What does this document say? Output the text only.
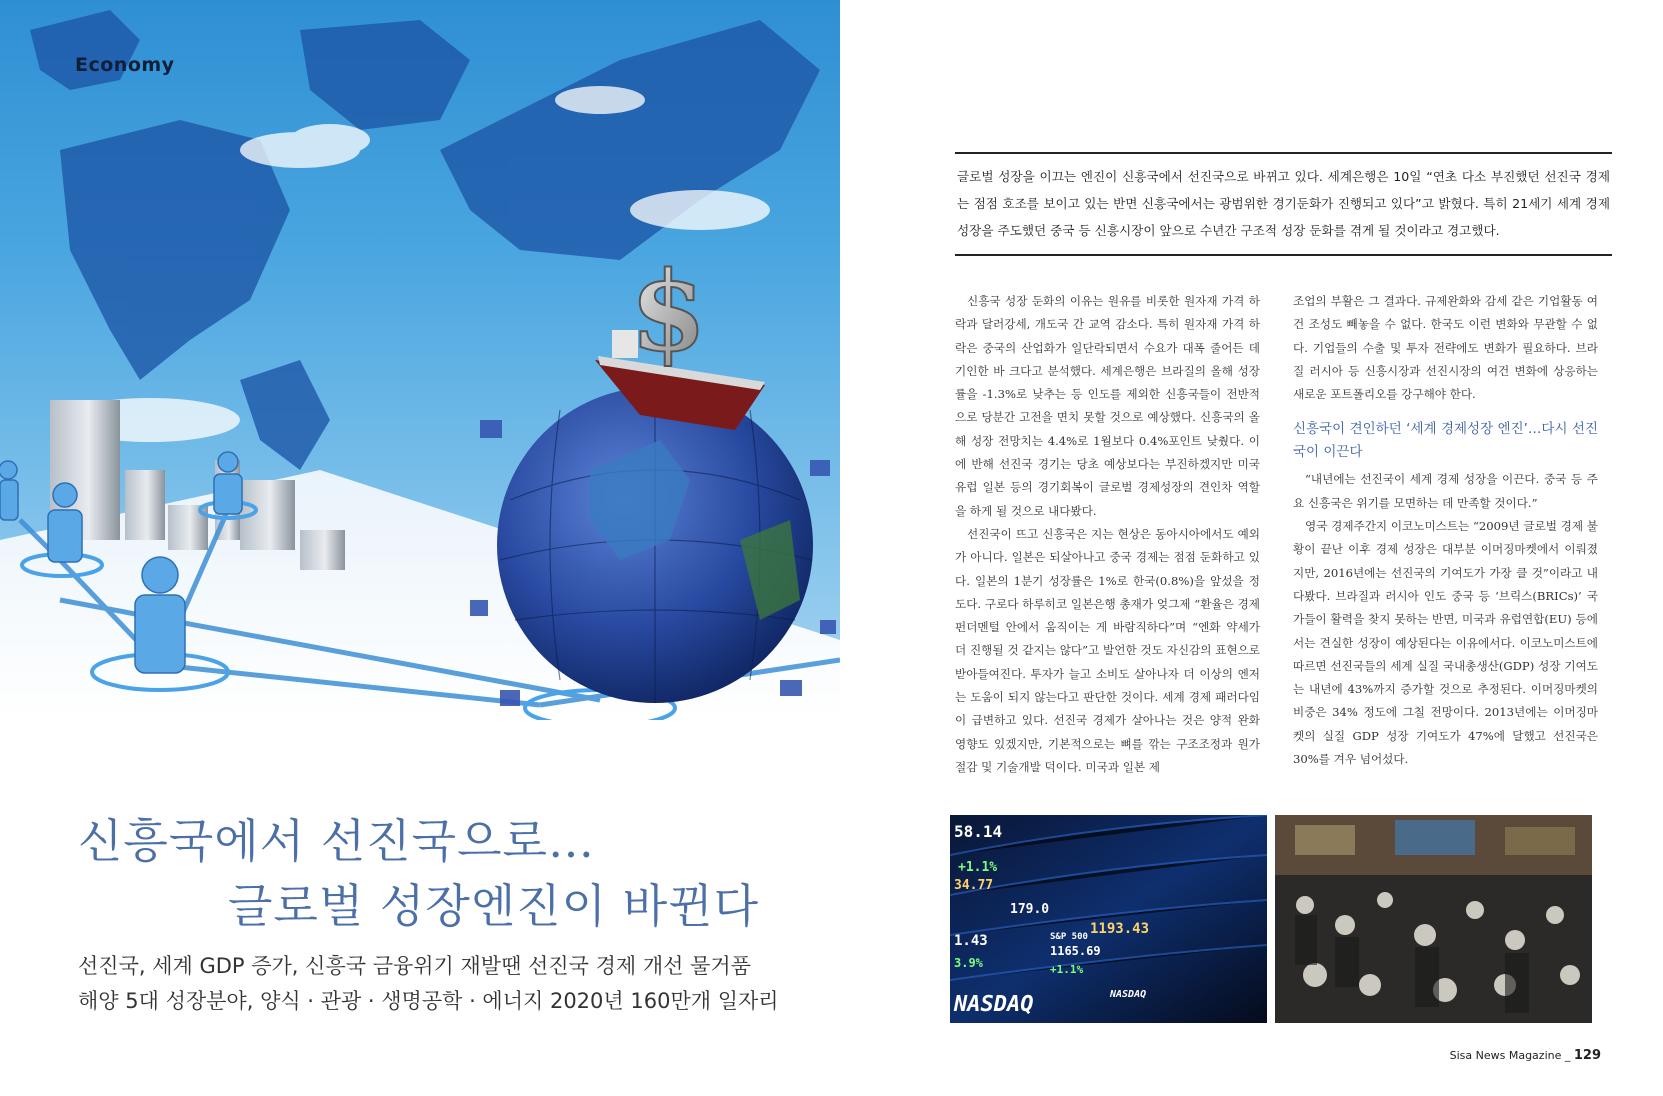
$
Economy
신흥국에서 선진국으로…
글로벌 성장엔진이 바뀐다
선진국, 세계 GDP 증가, 신흥국 금융위기 재발땐 선진국 경제 개선 물거품
해양 5대 성장분야, 양식 · 관광 · 생명공학 · 에너지 2020년 160만개 일자리
글로벌 성장을 이끄는 엔진이 신흥국에서 선진국으로 바뀌고 있다. 세계은행은 10일 “연초 다소 부진했던 선진국 경제는 점점 호조를 보이고 있는 반면 신흥국에서는 광범위한 경기둔화가 진행되고 있다”고 밝혔다. 특히 21세기 세계 경제성장을 주도했던 중국 등 신흥시장이 앞으로 수년간 구조적 성장 둔화를 겪게 될 것이라고 경고했다.

신흥국 성장 둔화의 이유는 원유를 비롯한 원자재 가격 하락과 달러강세, 개도국 간 교역 감소다. 특히 원자재 가격 하락은 중국의 산업화가 일단락되면서 수요가 대폭 줄어든 데 기인한 바 크다고 분석했다. 세계은행은 브라질의 올해 성장률을 -1.3%로 낮추는 등 인도를 제외한 신흥국들이 전반적으로 당분간 고전을 면치 못할 것으로 예상했다. 신흥국의 올해 성장 전망치는 4.4%로 1월보다 0.4%포인트 낮췄다. 이에 반해 선진국 경기는 당초 예상보다는 부진하겠지만 미국 유럽 일본 등의 경기회복이 글로벌 경제성장의 견인차 역할을 하게 될 것으로 내다봤다.

선진국이 뜨고 신흥국은 지는 현상은 동아시아에서도 예외가 아니다. 일본은 되살아나고 중국 경제는 점점 둔화하고 있다. 일본의 1분기 성장률은 1%로 한국(0.8%)을 앞섰을 정도다. 구로다 하루히코 일본은행 총재가 엊그제 “환율은 경제 펀더멘털 안에서 움직이는 게 바람직하다”며 “엔화 약세가 더 진행될 것 같지는 않다”고 발언한 것도 자신감의 표현으로 받아들여진다. 투자가 늘고 소비도 살아나자 더 이상의 엔저는 도움이 되지 않는다고 판단한 것이다. 세계 경제 패러다임이 급변하고 있다. 선진국 경제가 살아나는 것은 양적 완화 영향도 있겠지만, 기본적으로는 뼈를 깎는 구조조정과 원가절감 및 기술개발 덕이다. 미국과 일본 제

조업의 부활은 그 결과다. 규제완화와 감세 같은 기업활동 여건 조성도 빼놓을 수 없다. 한국도 이런 변화와 무관할 수 없다. 기업들의 수출 및 투자 전략에도 변화가 필요하다. 브라질 러시아 등 신흥시장과 선진시장의 여건 변화에 상응하는 새로운 포트폴리오를 강구해야 한다.

신흥국이 견인하던 ‘세계 경제성장 엔진’…다시 선진국이 이끈다

“내년에는 선진국이 세계 경제 성장을 이끈다. 중국 등 주요 신흥국은 위기를 모면하는 데 만족할 것이다.”

영국 경제주간지 이코노미스트는 “2009년 글로벌 경제 불황이 끝난 이후 경제 성장은 대부분 이머징마켓에서 이뤄졌지만, 2016년에는 선진국의 기여도가 가장 클 것”이라고 내다봤다. 브라질과 러시아 인도 중국 등 ‘브릭스(BRICs)’ 국가들이 활력을 찾지 못하는 반면, 미국과 유럽연합(EU) 등에서는 견실한 성장이 예상된다는 이유에서다. 이코노미스트에 따르면 선진국들의 세계 실질 국내총생산(GDP) 성장 기여도는 내년에 43%까지 증가할 것으로 추정된다. 이머징마켓의 비중은 34% 정도에 그칠 전망이다. 2013년에는 이머징마켓의 실질 GDP 성장 기여도가 47%에 달했고 선진국은 30%를 겨우 넘어섰다.

58.14
+1.1%
34.77
179.0
1193.43
1165.69
1.43
+1.1%
3.9%
NASDAQ	NASDAQ
S&P 500
Sisa News Magazine _ 129
